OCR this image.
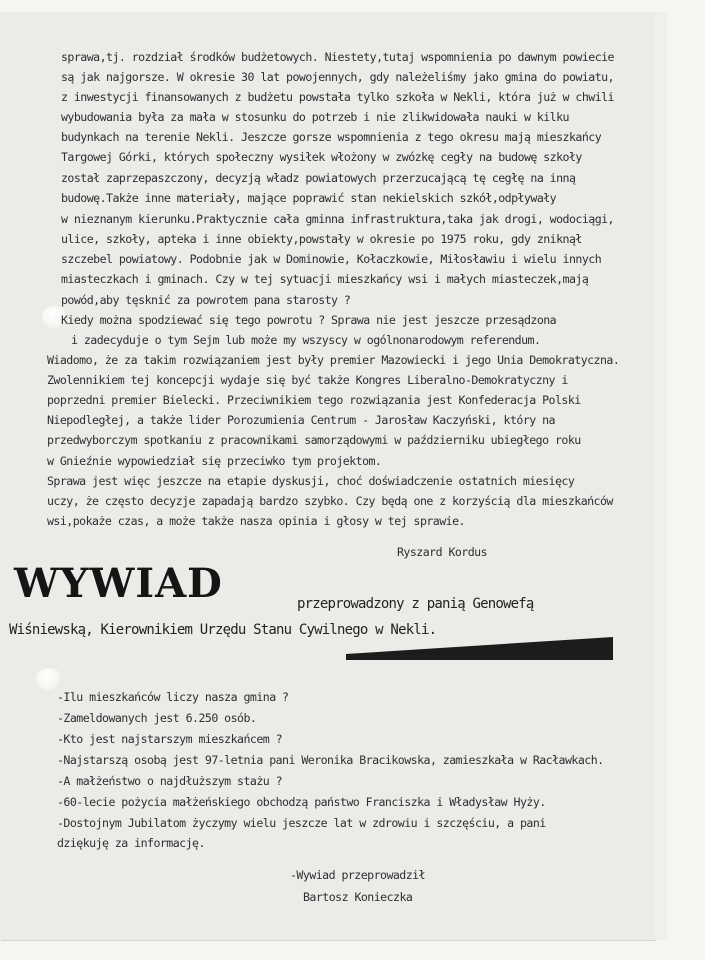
sprawa,tj. rozdział środków budżetowych. Niestety,tutaj wspomnienia po dawnym powiecie
są jak najgorsze. W okresie 30 lat powojennych, gdy należeliśmy jako gmina do powiatu,
z inwestycji finansowanych z budżetu powstała tylko szkoła w Nekli, która już w chwili
wybudowania była za mała w stosunku do potrzeb i nie zlikwidowała nauki w kilku
budynkach na terenie Nekli. Jeszcze gorsze wspomnienia z tego okresu mają mieszkańcy
Targowej Górki, których społeczny wysiłek włożony w zwózkę cegły na budowę szkoły
został zaprzepaszczony, decyzją władz powiatowych przerzucającą tę cegłę na inną
budowę.Także inne materiały, mające poprawić stan nekielskich szkół,odpływały
w nieznanym kierunku.Praktycznie cała gminna infrastruktura,taka jak drogi, wodociągi,
ulice, szkoły, apteka i inne obiekty,powstały w okresie po 1975 roku, gdy zniknął
szczebel powiatowy. Podobnie jak w Dominowie, Kołaczkowie, Miłosławiu i wielu innych
miasteczkach i gminach. Czy w tej sytuacji mieszkańcy wsi i małych miasteczek,mają
powód,aby tęsknić za powrotem pana starosty ?
Kiedy można spodziewać się tego powrotu ? Sprawa nie jest jeszcze przesądzona
i zadecyduje o tym Sejm lub może my wszyscy w ogólnonarodowym referendum.
Wiadomo, że za takim rozwiązaniem jest były premier Mazowiecki i jego Unia Demokratyczna.
Zwolennikiem tej koncepcji wydaje się być także Kongres Liberalno-Demokratyczny i
poprzedni premier Bielecki. Przeciwnikiem tego rozwiązania jest Konfederacja Polski
Niepodległej, a także lider Porozumienia Centrum - Jarosław Kaczyński, który na
przedwyborczym spotkaniu z pracownikami samorządowymi w październiku ubiegłego roku
w Gnieźnie wypowiedział się przeciwko tym projektom.
Sprawa jest więc jeszcze na etapie dyskusji, choć doświadczenie ostatnich miesięcy
uczy, że często decyzje zapadają bardzo szybko. Czy będą one z korzyścią dla mieszkańców
wsi,pokaże czas, a może także nasza opinia i głosy w tej sprawie.
Ryszard Kordus
WYWIAD	przeprowadzony z panią Genowefą
Wiśniewską, Kierownikiem Urzędu Stanu Cywilnego w Nekli.
-Ilu mieszkańców liczy nasza gmina ?
-Zameldowanych jest 6.250 osób.
-Kto jest najstarszym mieszkańcem ?
-Najstarszą osobą jest 97-letnia pani Weronika Bracikowska, zamieszkała w Racławkach.
-A małżeństwo o najdłuższym stażu ?
-60-lecie pożycia małżeńskiego obchodzą państwo Franciszka i Władysław Hyży.
-Dostojnym Jubilatom życzymy wielu jeszcze lat w zdrowiu i szczęściu, a pani
dziękuję za informację.
-Wywiad przeprowadził
Bartosz Konieczka
